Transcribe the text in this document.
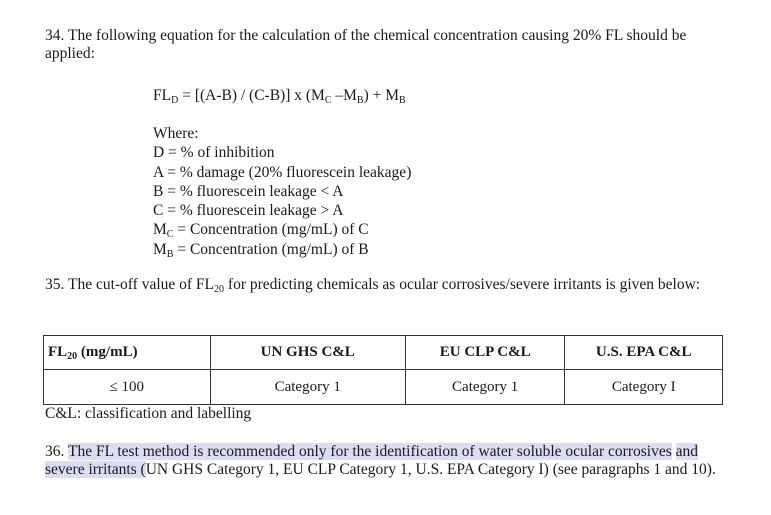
34. The following equation for the calculation of the chemical concentration causing 20% FL should be applied:
$FL_D = [(A-B) / (C-B)]$ x ($M_C$ $-M_B) + M_B$
Where:
D = % of inhibition
A = % damage (20% fluorescein leakage)
B = % fluorescein leakage < A
C = % fluorescein leakage > A
$M_C$ = Concentration (mg/mL) of C
$M_B$ = Concentration (mg/mL) of B
35. The cut-off value of $FL_{20}$ for predicting chemicals as ocular corrosives/severe irritants is given below:
$FL_{20}$ (mg/mL)	UN GHS C&L	EU CLP C&L	U.S. EPA C&L
≤ 100	Category 1	Category 1	Category I
C&L: classification and labelling
36. The FL test method is recommended only for the identification of water soluble ocular corrosives and severe irritants (UN GHS Category 1, EU CLP Category 1, U.S. EPA Category I) (see paragraphs 1 and 10).
